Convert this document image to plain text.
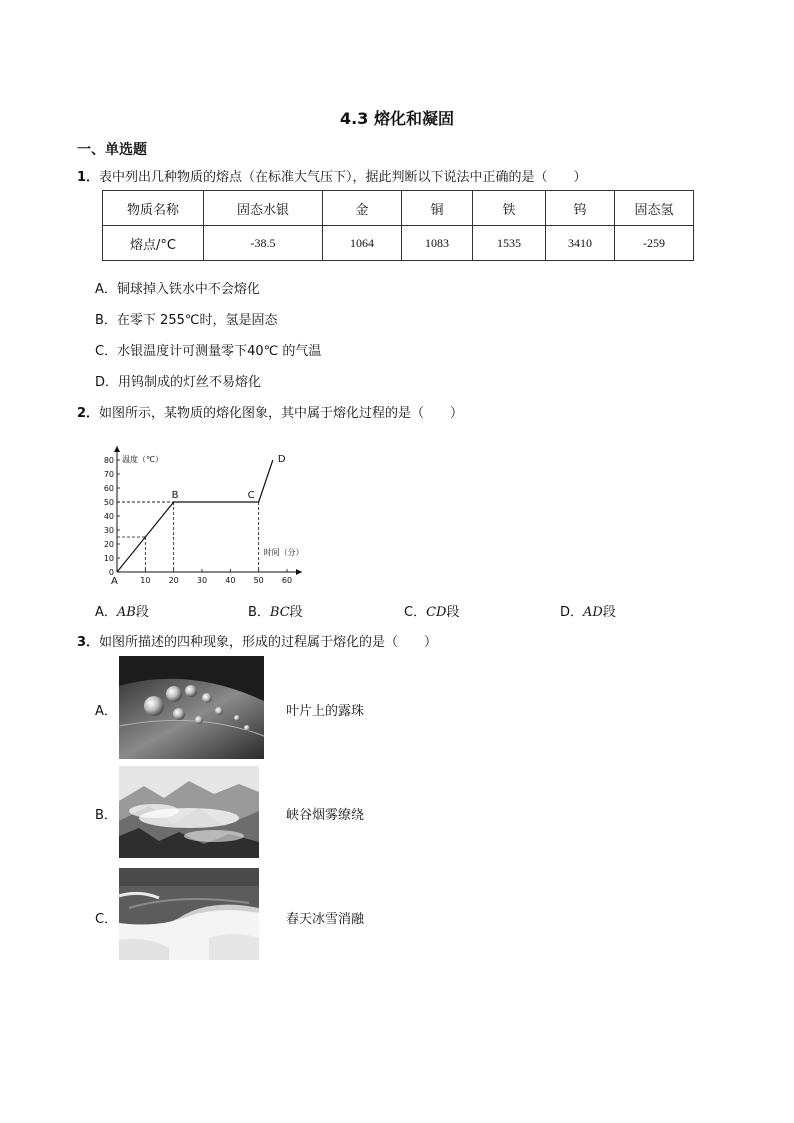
4.3 熔化和凝固
一、单选题
1．表中列出几种物质的熔点（在标准大气压下），据此判断以下说法中正确的是（　　）
物质名称	固态水银	金	铜	铁	钨	固态氢
熔点/°C	-38.5	1064	1083	1535	3410	-259
A．铜球掉入铁水中不会熔化
B．在零下 255℃时，氢是固态
C．水银温度计可测量零下40℃ 的气温
D．用钨制成的灯丝不易熔化
2．如图所示，某物质的熔化图象，其中属于熔化过程的是（　　）
0
10
20
30
40
50
60
70
80
10 20 30 40 50 60
温度（℃）
时间（分）
A
B	C
D
A．AB段	B．BC段	C．CD段	D．AD段
3．如图所描述的四种现象，形成的过程属于熔化的是（　　）
A．	叶片上的露珠
B．	峡谷烟雾缭绕
C．	春天冰雪消融
